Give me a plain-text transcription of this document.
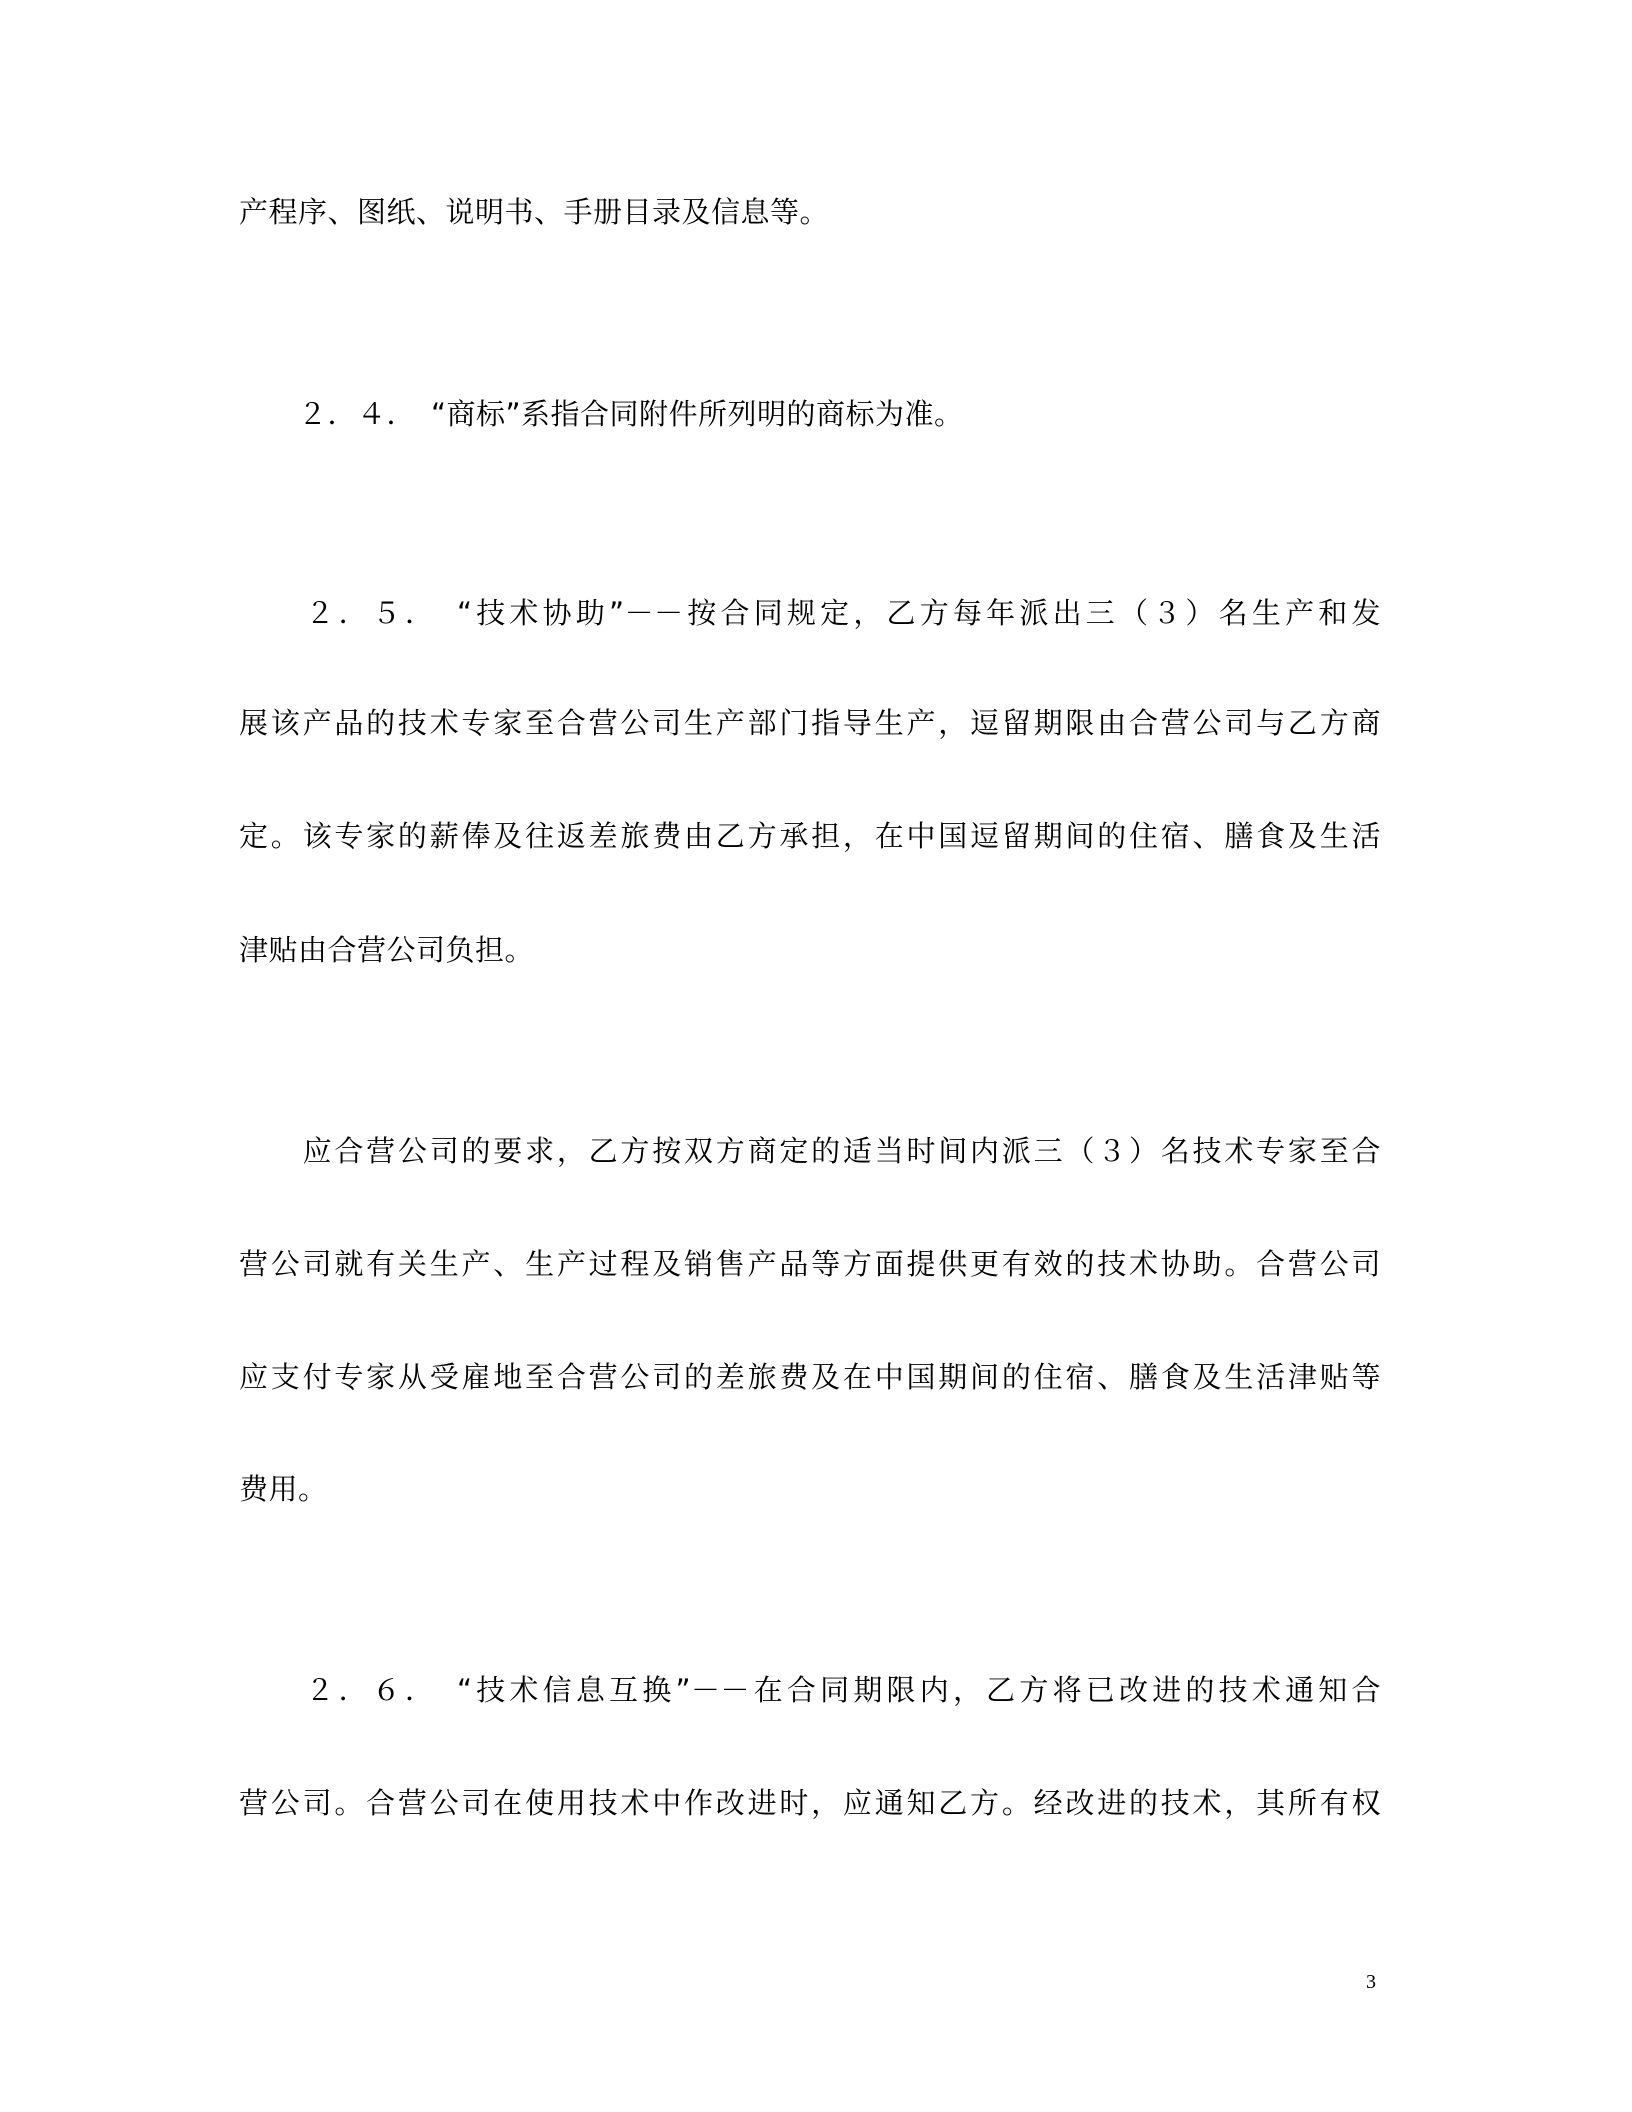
产程序、图纸、说明书、手册目录及信息等。

　　２．４．　“商标”系指合同附件所列明的商标为准。

　　２．５．　“技术协助”－－按合同规定，乙方每年派出三（３）名生产和发

展该产品的技术专家至合营公司生产部门指导生产，逗留期限由合营公司与乙方商

定。该专家的薪俸及往返差旅费由乙方承担，在中国逗留期间的住宿、膳食及生活

津贴由合营公司负担。

　　应合营公司的要求，乙方按双方商定的适当时间内派三（３）名技术专家至合

营公司就有关生产、生产过程及销售产品等方面提供更有效的技术协助。合营公司

应支付专家从受雇地至合营公司的差旅费及在中国期间的住宿、膳食及生活津贴等

费用。

　　２．６．　“技术信息互换”－－在合同期限内，乙方将已改进的技术通知合

营公司。合营公司在使用技术中作改进时，应通知乙方。经改进的技术，其所有权

3
